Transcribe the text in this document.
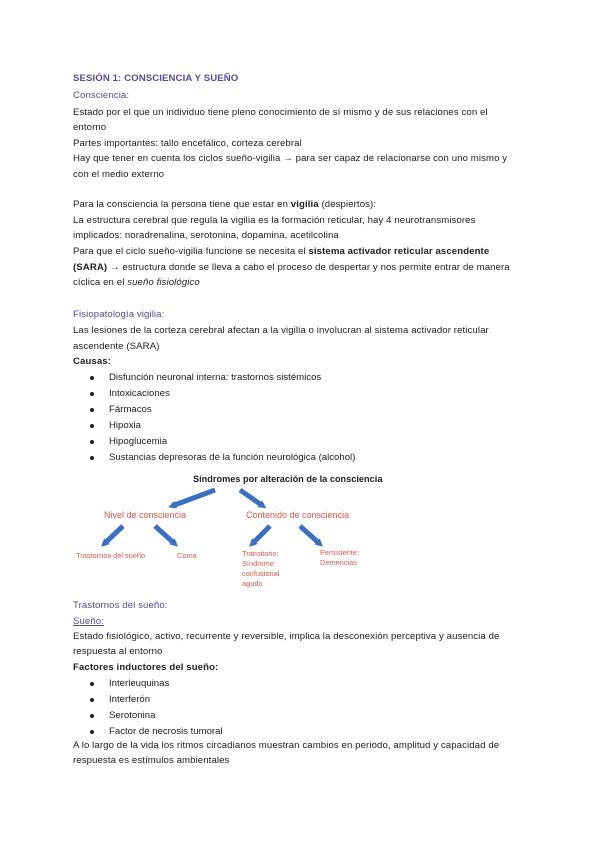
SESIÓN 1: CONSCIENCIA Y SUEÑO
Consciencia:
Estado por el que un individuo tiene pleno conocimiento de sí mismo y de sus relaciones con el
entorno
Partes importantes: tallo encefálico, corteza cerebral
Hay que tener en cuenta los ciclos sueño-vigilia → para ser capaz de relacionarse con uno mismo y
con el medio externo
Para la consciencia la persona tiene que estar en vigilia (despiertos):
La estructura cerebral que regula la vigilia es la formación reticular, hay 4 neurotransmisores
implicados: noradrenalina, serotonina, dopamina, acetilcolina
Para que el ciclo sueño-vigilia funcione se necesita el sistema activador reticular ascendente
(SARA) → estructura donde se lleva a cabo el proceso de despertar y nos permite entrar de manera
cíclica en el sueño fisiológico
Fisiopatología vigilia:
Las lesiones de la corteza cerebral afectan a la vigilia o involucran al sistema activador reticular
ascendente (SARA)
Causas:
Disfunción neuronal interna: trastornos sistémicos
Intoxicaciones
Fármacos
Hipoxia
Hipoglucemia
Sustancias depresoras de la función neurológica (alcohol)
Síndromes por alteración de la consciencia
Nivel de consciencia	Contenido de consciencia
Trastornos del sueño	Coma	Transitorio:
Síndrome
confusional
agudo
Persistente:
Demencias
Trastornos del sueño:
Sueño:
Estado fisiológico, activo, recurrente y reversible, implica la desconexión perceptiva y ausencia de
respuesta al entorno
Factores inductores del sueño:
Interleuquinas
Interferón
Serotonina
Factor de necrosis tumoral
A lo largo de la vida los ritmos circadianos muestran cambios en periodo, amplitud y capacidad de
respuesta es estímulos ambientales
